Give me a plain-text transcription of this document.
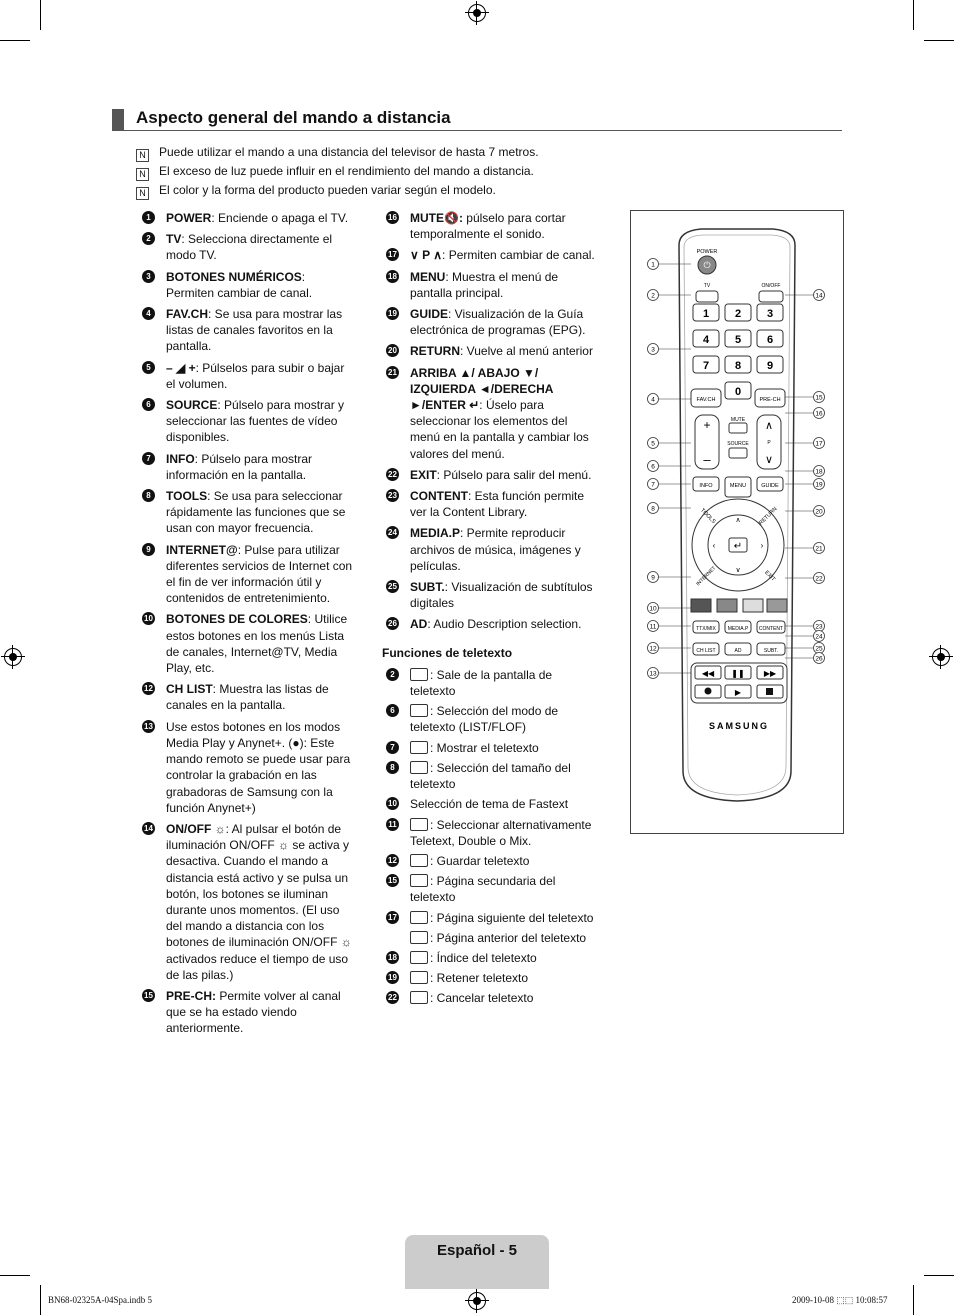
Aspecto general del mando a distancia
N Puede utilizar el mando a una distancia del televisor de hasta 7 metros.
N El exceso de luz puede influir en el rendimiento del mando a distancia.
N El color y la forma del producto pueden variar según el modelo.
1	POWER: Enciende o apaga el TV.
2	TV: Selecciona directamente el modo TV.
3	BOTONES NUMÉRICOS: Permiten cambiar de canal.
4	FAV.CH: Se usa para mostrar las listas de canales favoritos en la pantalla.
5	– ◢ +: Púlselos para subir o bajar el volumen.
6	SOURCE: Púlselo para mostrar y seleccionar las fuentes de vídeo disponibles.
7	INFO: Púlselo para mostrar información en la pantalla.
8	TOOLS: Se usa para seleccionar rápidamente las funciones que se usan con mayor frecuencia.
9	INTERNET@: Pulse para utilizar diferentes servicios de Internet con el fin de ver información útil y contenidos de entretenimiento.
10 BOTONES DE COLORES: Utilice estos botones en los menús Lista de canales, Internet@TV, Media Play, etc.
12 CH LIST: Muestra las listas de canales en la pantalla.
13 Use estos botones en los modos Media Play y Anynet+. (●): Este mando remoto se puede usar para controlar la grabación en las grabadoras de Samsung con la función Anynet+)
14 ON/OFF ☼: Al pulsar el botón de iluminación ON/OFF ☼ se activa y desactiva. Cuando el mando a distancia está activo y se pulsa un botón, los botones se iluminan durante unos momentos. (El uso del mando a distancia con los botones de iluminación ON/OFF ☼ activados reduce el tiempo de uso de las pilas.)
15 PRE-CH: Permite volver al canal que se ha estado viendo anteriormente.
16 MUTE🔇: púlselo para cortar temporalmente el sonido.
17 ∨ P ∧: Permiten cambiar de canal.
18 MENU: Muestra el menú de pantalla principal.
19 GUIDE: Visualización de la Guía electrónica de programas (EPG).
20 RETURN: Vuelve al menú anterior
21 ARRIBA ▲/ ABAJO ▼/ IZQUIERDA ◄/DERECHA ►/ENTER ↵: Úselo para seleccionar los elementos del menú en la pantalla y cambiar los valores del menú.
22 EXIT: Púlselo para salir del menú.
23 CONTENT: Esta función permite ver la Content Library.
24 MEDIA.P: Permite reproducir archivos de música, imágenes y películas.
25 SUBT.: Visualización de subtítulos digitales
26 AD: Audio Description selection.
Funciones de teletexto
2	: Sale de la pantalla de teletexto
6	: Selección del modo de teletexto (LIST/FLOF)
7	: Mostrar el teletexto
8	: Selección del tamaño del teletexto
10 Selección de tema de Fastext
11	: Seleccionar alternativamente Teletext, Double o Mix.
12	: Guardar teletexto
15	: Página secundaria del teletexto
17	: Página siguiente del teletexto
: Página anterior del teletexto
18	: Índice del teletexto
19	: Retener teletexto
22	: Cancelar teletexto
POWER
⏻
TV	ON/OFF
1 2 3
4 5 6
7 8 9
0
FAV.CH	PRE-CH
+
–
∧
P
∨
MUTE
SOURCE
INFO	MENU	GUIDE
↵
∧
∨
‹	›
TOOLS	RETURN
INTERNET	EXIT
TTX/MIX MEDIA.P CONTENT
CH LIST	AD	SUBT.
◀◀ ❚❚ ▶▶
▶
SAMSUNG
1
2
3
4
5
6
7
8
9
10
11
12
13
14
15
16
17
18
19
20
21
22
23
24
25
26
Español - 5
BN68-02325A-04Spa.indb 5	2009-10-08 ⬚⬚ 10:08:57
